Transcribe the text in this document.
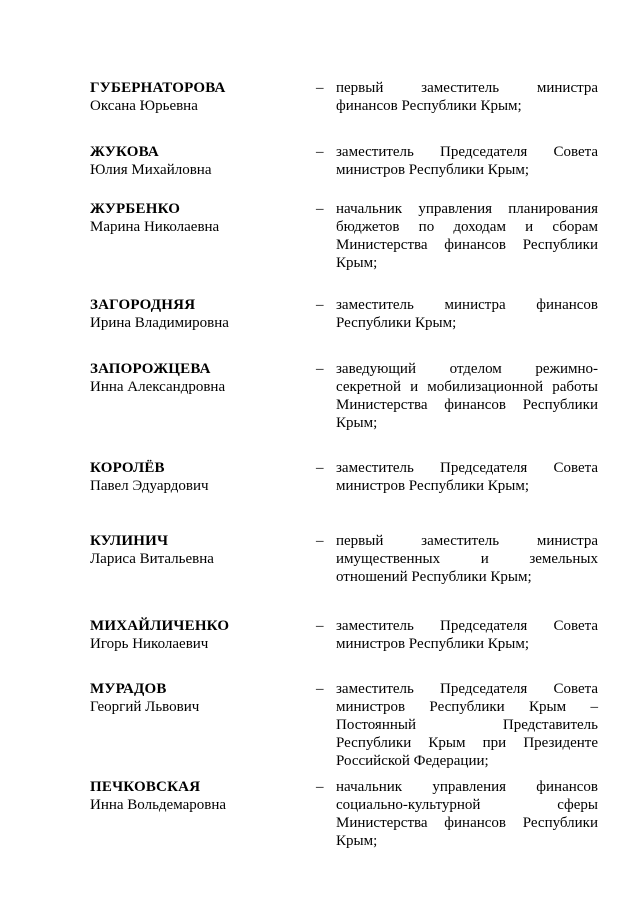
ГУБЕРНАТОРОВА
Оксана Юрьевна
– первый заместитель министра
финансов Республики Крым;
ЖУКОВА
Юлия Михайловна
– заместитель Председателя Совета
министров Республики Крым;
ЖУРБЕНКО
Марина Николаевна
– начальник управления планирования
бюджетов по доходам и сборам
Министерства финансов Республики
Крым;
ЗАГОРОДНЯЯ
Ирина Владимировна
– заместитель министра финансов
Республики Крым;
ЗАПОРОЖЦЕВА
Инна Александровна
– заведующий отделом режимно-
секретной и мобилизационной работы
Министерства финансов Республики
Крым;
КОРОЛЁВ
Павел Эдуардович
– заместитель Председателя Совета
министров Республики Крым;
КУЛИНИЧ
Лариса Витальевна
– первый заместитель министра
имущественных и земельных
отношений Республики Крым;
МИХАЙЛИЧЕНКО
Игорь Николаевич
– заместитель Председателя Совета
министров Республики Крым;
МУРАДОВ
Георгий Львович
– заместитель Председателя Совета
министров Республики Крым –
Постоянный Представитель
Республики Крым при Президенте
Российской Федерации;
ПЕЧКОВСКАЯ
Инна Вольдемаровна
– начальник управления финансов
социально-культурной сферы
Министерства финансов Республики
Крым;
